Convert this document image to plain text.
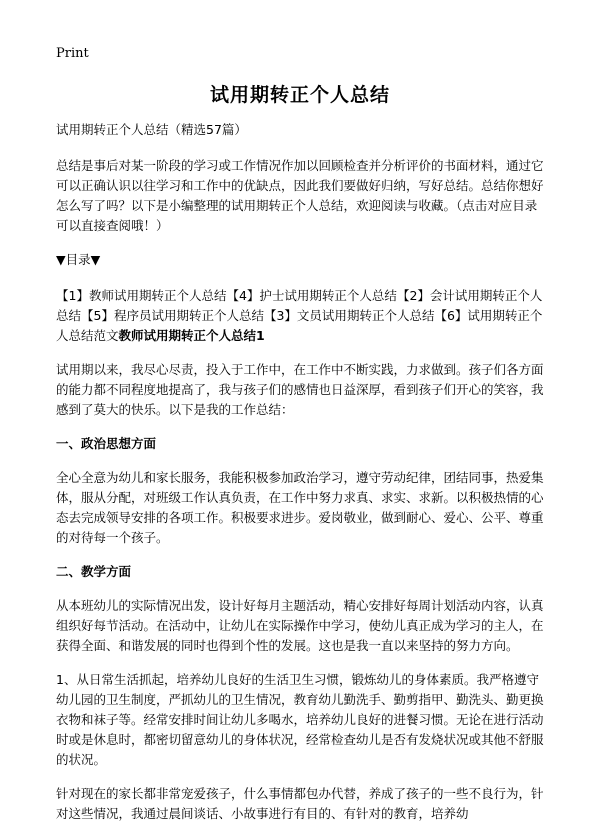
Print
试用期转正个人总结

试用期转正个人总结（精选57篇）

总结是事后对某一阶段的学习或工作情况作加以回顾检查并分析评价的书面材料，通过它可以正确认识以往学习和工作中的优缺点，因此我们要做好归纳，写好总结。总结你想好怎么写了吗？以下是小编整理的试用期转正个人总结，欢迎阅读与收藏。（点击对应目录可以直接查阅哦！）

▼目录▼

【1】教师试用期转正个人总结【4】护士试用期转正个人总结【2】会计试用期转正个人总结【5】程序员试用期转正个人总结【3】文员试用期转正个人总结【6】试用期转正个人总结范文教师试用期转正个人总结1

试用期以来，我尽心尽责，投入于工作中，在工作中不断实践，力求做到。孩子们各方面的能力都不同程度地提高了，我与孩子们的感情也日益深厚，看到孩子们开心的笑容，我感到了莫大的快乐。以下是我的工作总结：

一、政治思想方面

全心全意为幼儿和家长服务，我能积极参加政治学习，遵守劳动纪律，团结同事，热爱集体，服从分配，对班级工作认真负责，在工作中努力求真、求实、求新。以积极热情的心态去完成领导安排的各项工作。积极要求进步。爱岗敬业，做到耐心、爱心、公平、尊重的对待每一个孩子。

二、教学方面

从本班幼儿的实际情况出发，设计好每月主题活动，精心安排好每周计划活动内容，认真组织好每节活动。在活动中，让幼儿在实际操作中学习，使幼儿真正成为学习的主人，在获得全面、和谐发展的同时也得到个性的发展。这也是我一直以来坚持的努力方向。

1、从日常生活抓起，培养幼儿良好的生活卫生习惯，锻炼幼儿的身体素质。我严格遵守幼儿园的卫生制度，严抓幼儿的卫生情况，教育幼儿勤洗手、勤剪指甲、勤洗头、勤更换衣物和袜子等。经常安排时间让幼儿多喝水，培养幼儿良好的进餐习惯。无论在进行活动时或是休息时，都密切留意幼儿的身体状况，经常检查幼儿是否有发烧状况或其他不舒服的状况。

针对现在的家长都非常宠爱孩子，什么事情都包办代替，养成了孩子的一些不良行为，针对这些情况，我通过晨间谈话、小故事进行有目的、有针对的教育，培养幼
